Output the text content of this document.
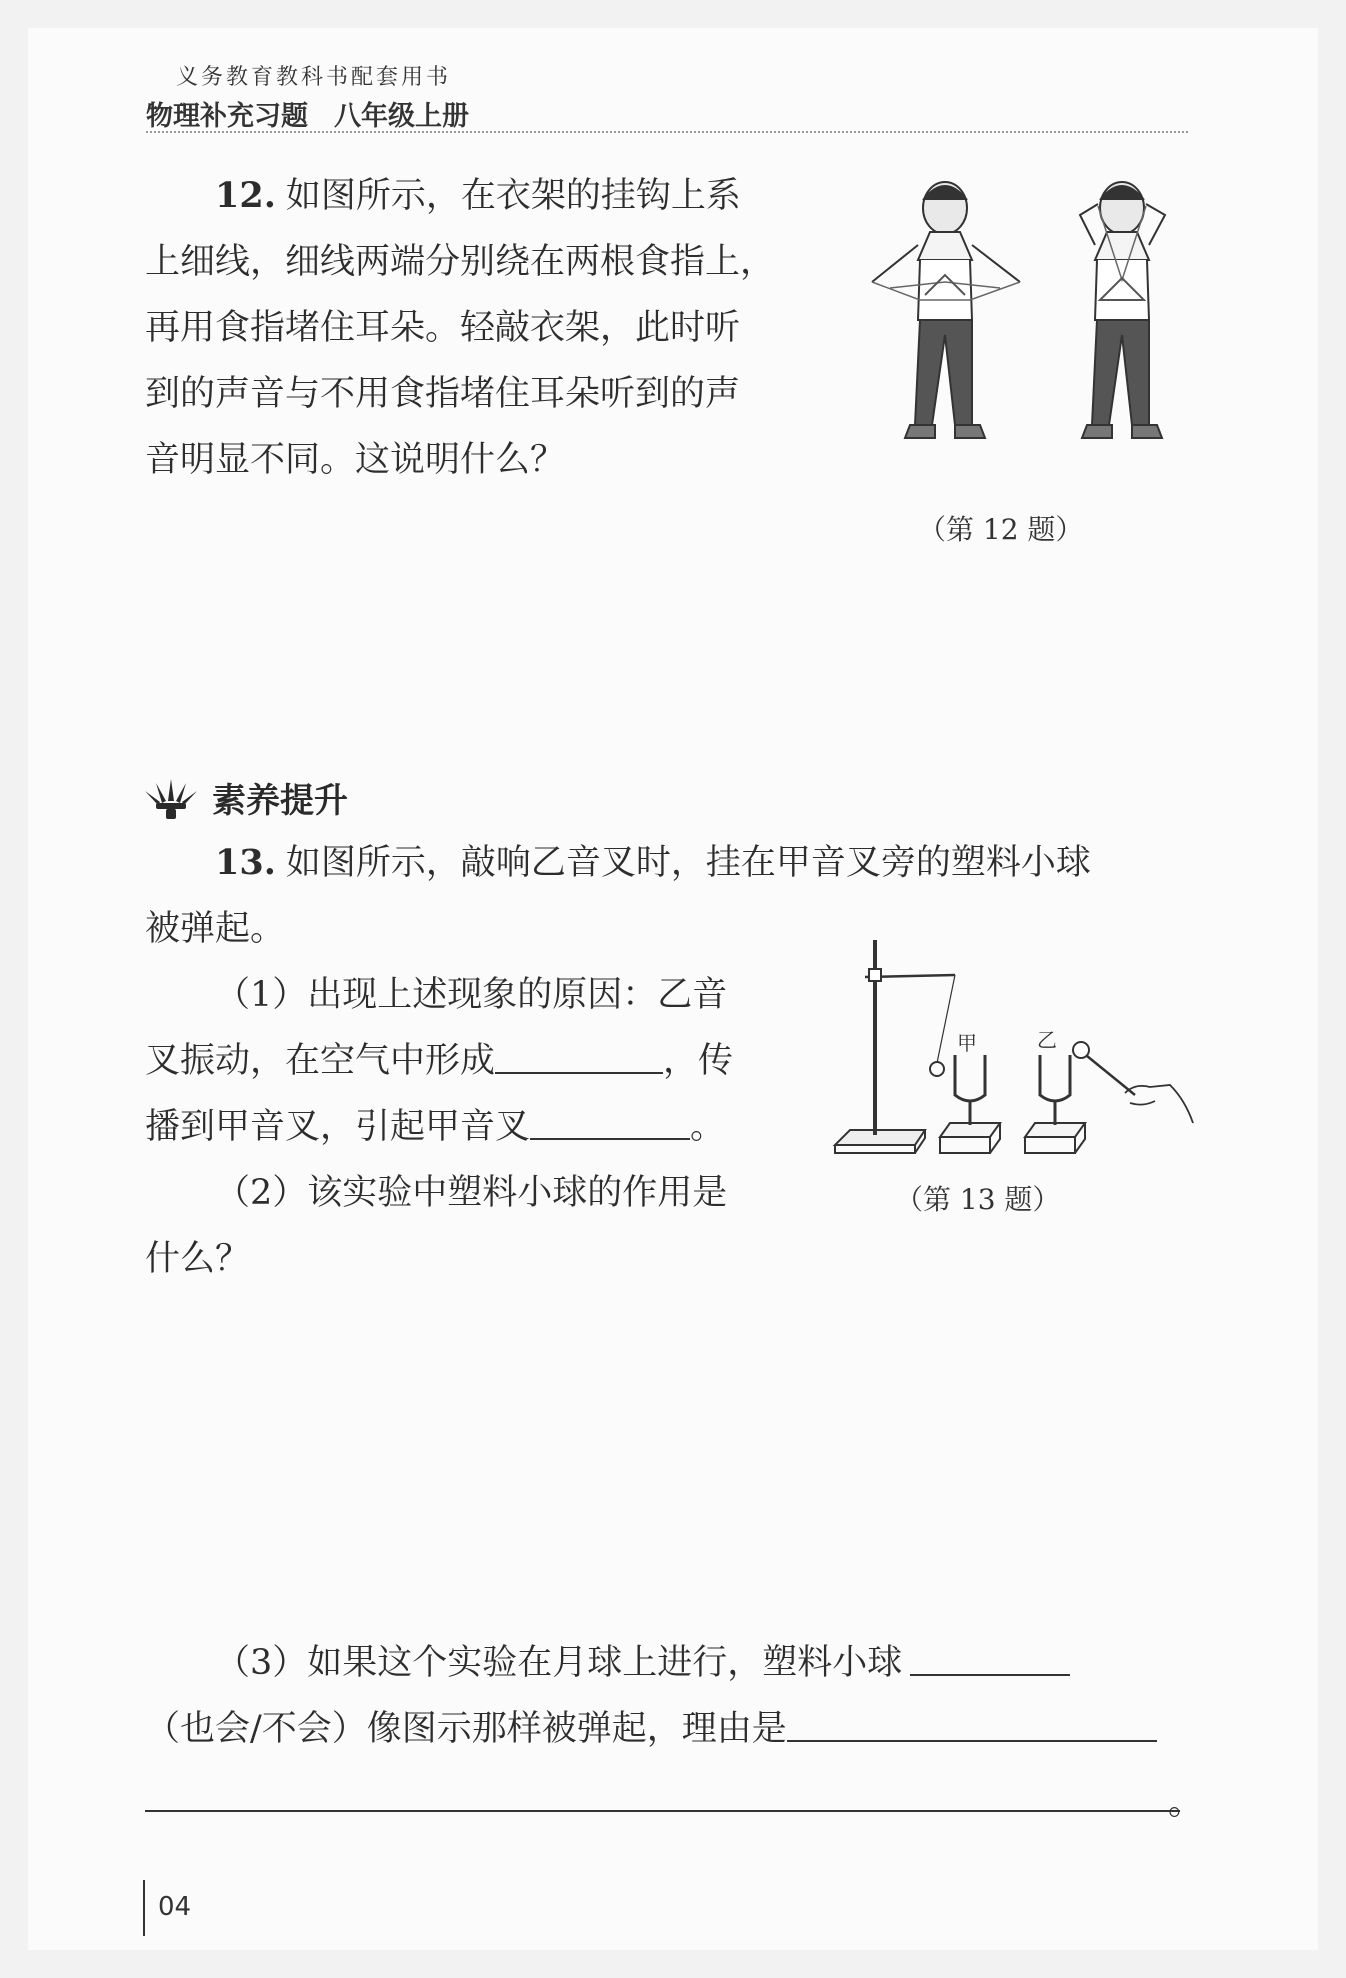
义务教育教科书配套用书
物理补充习题 八年级上册

12. 如图所示，在衣架的挂钩上系

上细线，细线两端分别绕在两根食指上，

再用食指堵住耳朵。轻敲衣架，此时听

到的声音与不用食指堵住耳朵听到的声

音明显不同。这说明什么？

（第 12 题）
素养提升

13. 如图所示，敲响乙音叉时，挂在甲音叉旁的塑料小球

被弹起。

（1）出现上述现象的原因：乙音

叉振动，在空气中形成	，传

播到甲音叉，引起甲音叉	。

（2）该实验中塑料小球的作用是

什么？

甲	乙
（第 13 题）

（3）如果这个实验在月球上进行，塑料小球

（也会/不会）像图示那样被弹起，理由是

。
04
